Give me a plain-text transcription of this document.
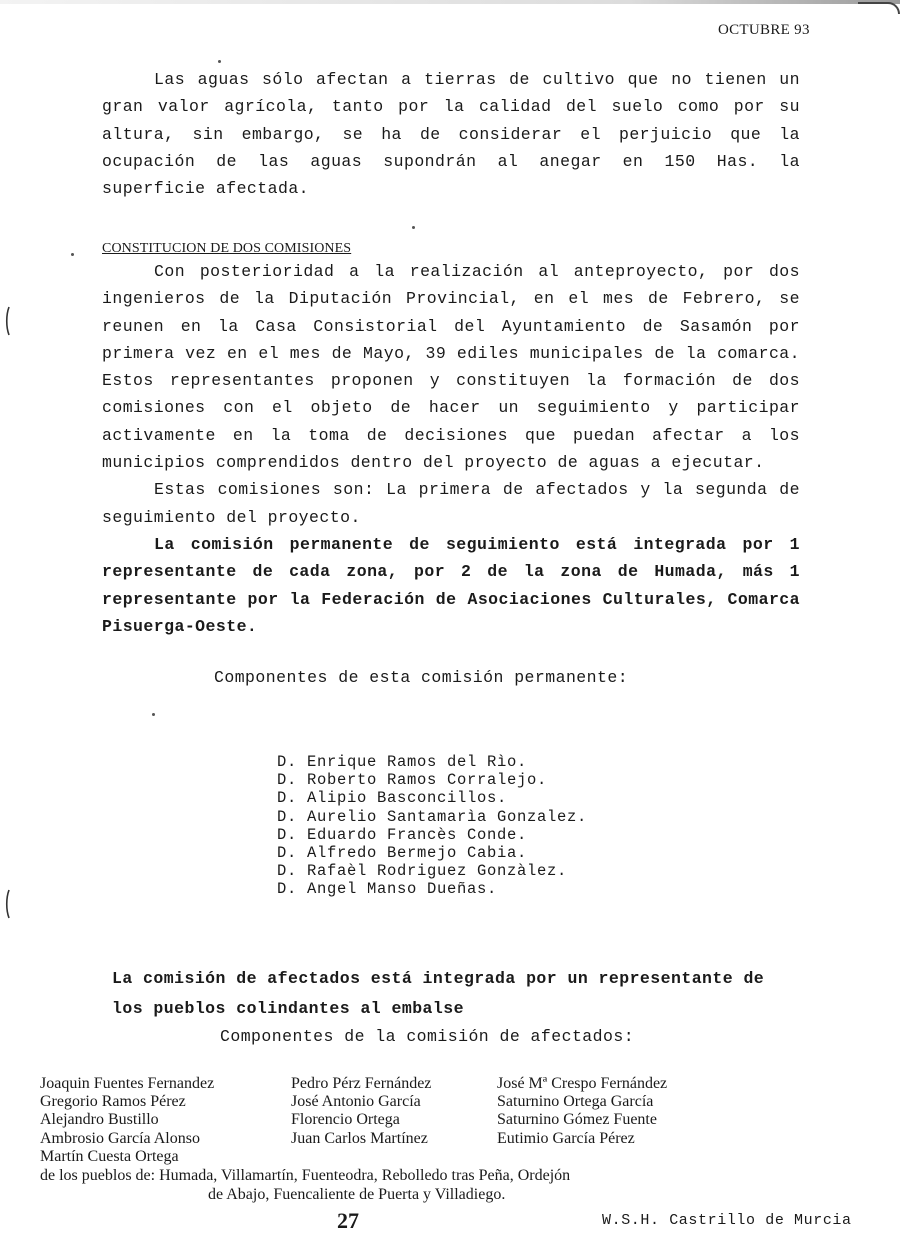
OCTUBRE 93

Las aguas sólo afectan a tierras de cultivo que no tienen un gran valor agrícola, tanto por la calidad del suelo como por su altura, sin embargo, se ha de considerar el perjuicio que la ocupación de las aguas supondrán al anegar en 150 Has. la superficie afectada.

CONSTITUCION DE DOS COMISIONES

Con posterioridad a la realización al anteproyecto, por dos ingenieros de la Diputación Provincial, en el mes de Febrero, se reunen en la Casa Consistorial del Ayuntamiento de Sasamón por primera vez en el mes de Mayo, 39 ediles municipales de la comarca. Estos representantes proponen y constituyen la formación de dos comisiones con el objeto de hacer un seguimiento y participar activamente en la toma de decisiones que puedan afectar a los municipios comprendidos dentro del proyecto de aguas a ejecutar.

Estas comisiones son: La primera de afectados y la segunda de seguimiento del proyecto.

La comisión permanente de seguimiento está integrada por 1 representante de cada zona, por 2 de la zona de Humada, más 1 representante por la Federación de Asociaciones Culturales, Comarca Pisuerga-Oeste.

Componentes de esta comisión permanente:
D. Enrique Ramos del Rìo.
D. Roberto Ramos Corralejo.
D. Alipio Basconcillos.
D. Aurelio Santamarìa Gonzalez.
D. Eduardo Francès Conde.
D. Alfredo Bermejo Cabia.
D. Rafaèl Rodriguez Gonzàlez.
D. Angel Manso Dueñas.

La comisión de afectados está integrada por un representante de

los pueblos colindantes al embalse

Componentes de la comisión de afectados:
Joaquin Fuentes Fernandez
Gregorio Ramos Pérez
Alejandro Bustillo
Ambrosio García Alonso
Martín Cuesta Ortega
Pedro Pérz Fernández
José Antonio García
Florencio Ortega
Juan Carlos Martínez
José Mª Crespo Fernández
Saturnino Ortega García
Saturnino Gómez Fuente
Eutimio García Pérez
de los pueblos de: Humada, Villamartín, Fuenteodra, Rebolledo tras Peña, Ordejón
de Abajo, Fuencaliente de Puerta y Villadiego.
27	W.S.H. Castrillo de Murcia
